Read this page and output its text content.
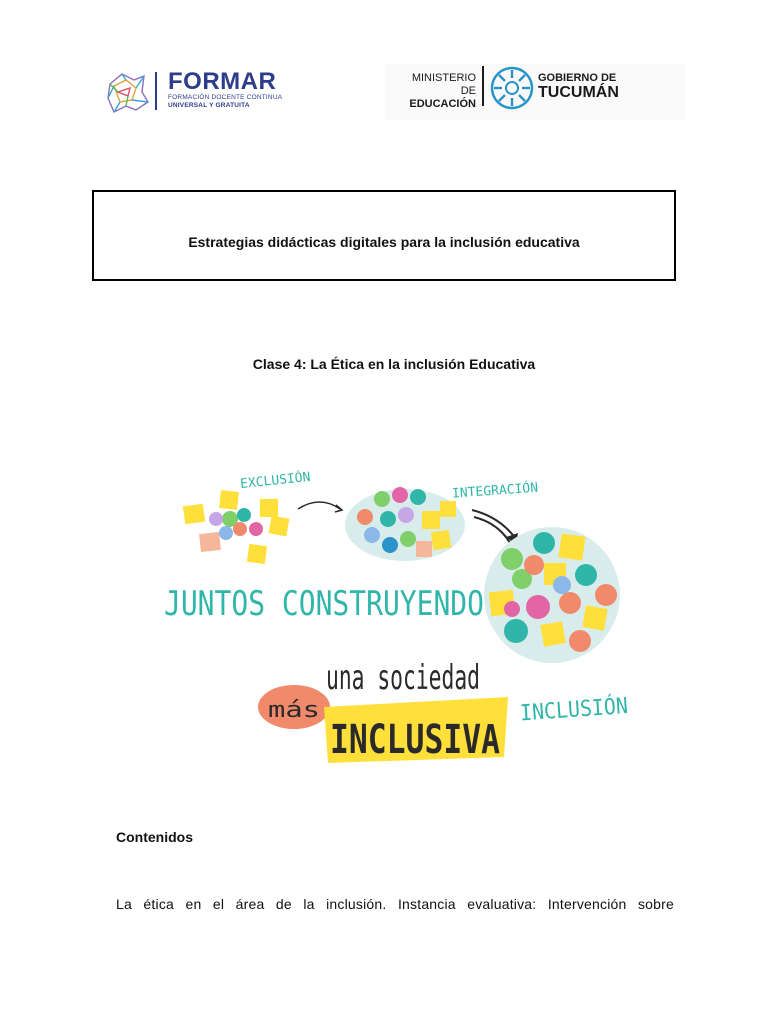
FORMAR
FORMACIÓN DOCENTE CONTINUA
UNIVERSAL Y GRATUITA
MINISTERIO DE
EDUCACIÓN
GOBIERNO DE
TUCUMÁN
Estrategias didácticas digitales para la inclusión educativa
Clase 4: La Ética en la inclusión Educativa
EXCLUSIÓN	INTEGRACIÓN
JUNTOS CONSTRUYENDO
una sociedad
más
INCLUSIVA
INCLUSIÓN
Contenidos
La ética en el área de la inclusión. Instancia evaluativa: Intervención sobre
